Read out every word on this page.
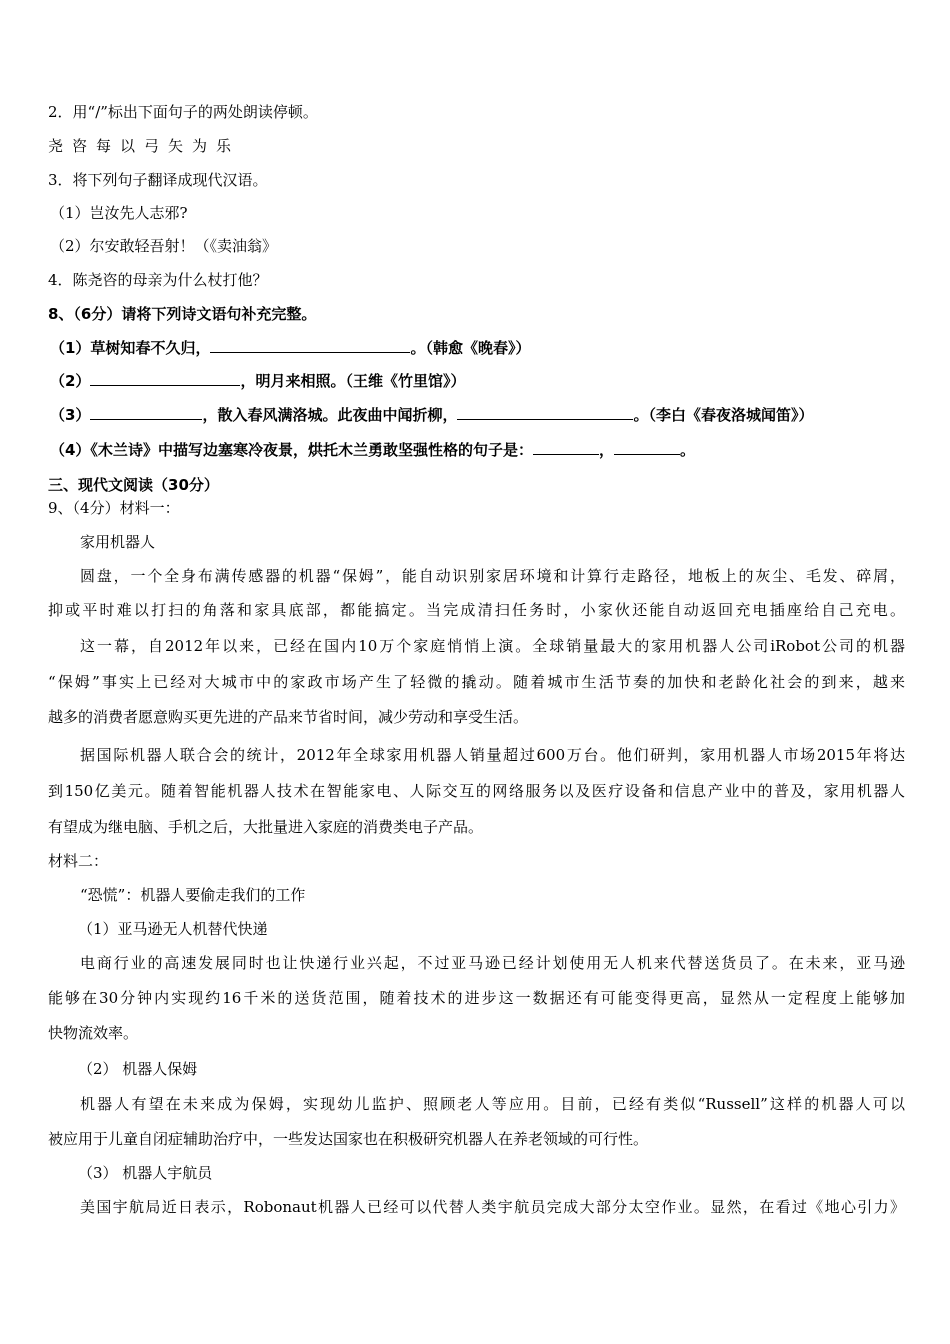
2．用“/”标出下面句子的两处朗读停顿。
尧咨每以弓矢为乐
3．将下列句子翻译成现代汉语。
（1）岂汝先人志邪?
（2）尔安敢轻吾射！（《卖油翁》
4．陈尧咨的母亲为什么杖打他？
8、（6分）请将下列诗文语句补充完整。
（1）草树知春不久归，	。（韩愈《晚春》）
（2）	，明月来相照。（王维《竹里馆》）
（3）	，散入春风满洛城。此夜曲中闻折柳，	。（李白《春夜洛城闻笛》）
（4）《木兰诗》中描写边塞寒冷夜景，烘托木兰勇敢坚强性格的句子是：	，	。
三、现代文阅读（30分）
9、（4分）材料一：
家用机器人
圆盘，一个全身布满传感器的机器“保姆”，能自动识别家居环境和计算行走路径，地板上的灰尘、毛发、碎屑，
抑或平时难以打扫的角落和家具底部，都能搞定。当完成清扫任务时，小家伙还能自动返回充电插座给自己充电。
这一幕，自2012年以来，已经在国内10万个家庭悄悄上演。全球销量最大的家用机器人公司iRobot公司的机器
“保姆”事实上已经对大城市中的家政市场产生了轻微的撬动。随着城市生活节奏的加快和老龄化社会的到来，越来
越多的消费者愿意购买更先进的产品来节省时间，减少劳动和享受生活。
据国际机器人联合会的统计，2012年全球家用机器人销量超过600万台。他们研判，家用机器人市场2015年将达
到150亿美元。随着智能机器人技术在智能家电、人际交互的网络服务以及医疗设备和信息产业中的普及，家用机器人
有望成为继电脑、手机之后，大批量进入家庭的消费类电子产品。
材料二：
“恐慌”：机器人要偷走我们的工作
（1）亚马逊无人机替代快递
电商行业的高速发展同时也让快递行业兴起，不过亚马逊已经计划使用无人机来代替送货员了。在未来，亚马逊
能够在30分钟内实现约16千米的送货范围，随着技术的进步这一数据还有可能变得更高，显然从一定程度上能够加
快物流效率。
（2） 机器人保姆
机器人有望在未来成为保姆，实现幼儿监护、照顾老人等应用。目前，已经有类似“Russell”这样的机器人可以
被应用于儿童自闭症辅助治疗中，一些发达国家也在积极研究机器人在养老领域的可行性。
（3） 机器人宇航员
美国宇航局近日表示，Robonaut机器人已经可以代替人类宇航员完成大部分太空作业。显然，在看过《地心引力》
